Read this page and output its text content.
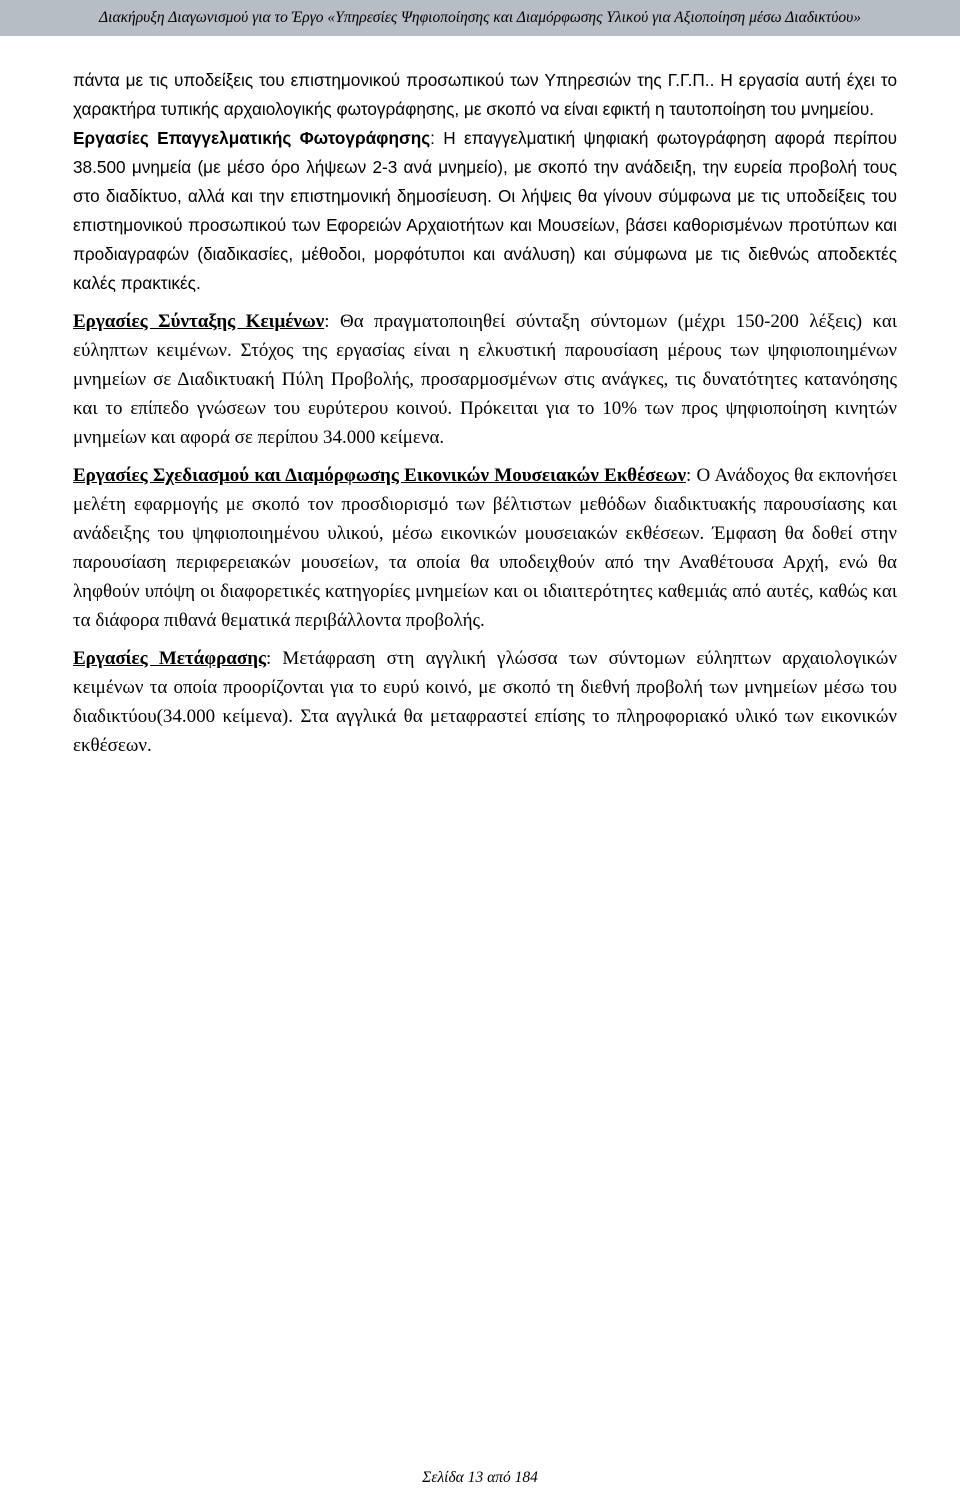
Διακήρυξη Διαγωνισμού για το Έργο «Υπηρεσίες Ψηφιοποίησης και Διαμόρφωσης Υλικού για Αξιοποίηση μέσω Διαδικτύου»

πάντα με τις υποδείξεις του επιστημονικού προσωπικού των Υπηρεσιών της Γ.Γ.Π.. Η εργασία αυτή έχει το χαρακτήρα τυπικής αρχαιολογικής φωτογράφησης, με σκοπό να είναι εφικτή η ταυτοποίηση του μνημείου.

Εργασίες Επαγγελματικής Φωτογράφησης: Η επαγγελματική ψηφιακή φωτογράφηση αφορά περίπου 38.500 μνημεία (με μέσο όρο λήψεων 2-3 ανά μνημείο), με σκοπό την ανάδειξη, την ευρεία προβολή τους στο διαδίκτυο, αλλά και την επιστημονική δημοσίευση. Οι λήψεις θα γίνουν σύμφωνα με τις υποδείξεις του επιστημονικού προσωπικού των Εφορειών Αρχαιοτήτων και Μουσείων, βάσει καθορισμένων προτύπων και προδιαγραφών (διαδικασίες, μέθοδοι, μορφότυποι και ανάλυση) και σύμφωνα με τις διεθνώς αποδεκτές καλές πρακτικές.

Εργασίες Σύνταξης Κειμένων: Θα πραγματοποιηθεί σύνταξη σύντομων (μέχρι 150-200 λέξεις) και εύληπτων κειμένων. Στόχος της εργασίας είναι η ελκυστική παρουσίαση μέρους των ψηφιοποιημένων μνημείων σε Διαδικτυακή Πύλη Προβολής, προσαρμοσμένων στις ανάγκες, τις δυνατότητες κατανόησης και το επίπεδο γνώσεων του ευρύτερου κοινού. Πρόκειται για το 10% των προς ψηφιοποίηση κινητών μνημείων και αφορά σε περίπου 34.000 κείμενα.

Εργασίες Σχεδιασμού και Διαμόρφωσης Εικονικών Μουσειακών Εκθέσεων: Ο Ανάδοχος θα εκπονήσει μελέτη εφαρμογής με σκοπό τον προσδιορισμό των βέλτιστων μεθόδων διαδικτυακής παρουσίασης και ανάδειξης του ψηφιοποιημένου υλικού, μέσω εικονικών μουσειακών εκθέσεων. Έμφαση θα δοθεί στην παρουσίαση περιφερειακών μουσείων, τα οποία θα υποδειχθούν από την Αναθέτουσα Αρχή, ενώ θα ληφθούν υπόψη οι διαφορετικές κατηγορίες μνημείων και οι ιδιαιτερότητες καθεμιάς από αυτές, καθώς και τα διάφορα πιθανά θεματικά περιβάλλοντα προβολής.

Εργασίες Μετάφρασης: Μετάφραση στη αγγλική γλώσσα των σύντομων εύληπτων αρχαιολογικών κειμένων τα οποία προορίζονται για το ευρύ κοινό, με σκοπό τη διεθνή προβολή των μνημείων μέσω του διαδικτύου(34.000 κείμενα). Στα αγγλικά θα μεταφραστεί επίσης το πληροφοριακό υλικό των εικονικών εκθέσεων.

Σελίδα 13 από 184
